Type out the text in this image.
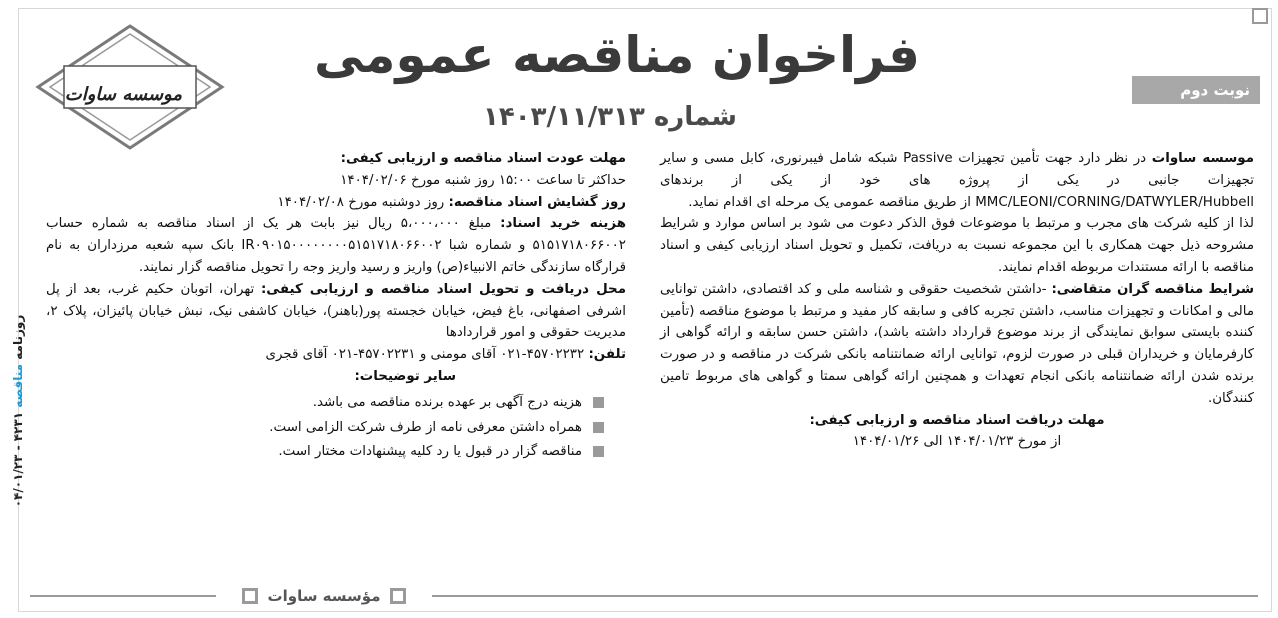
موسسه ساوات
فراخوان مناقصه عمومی
شماره ۱۴۰۳/۱۱/۳۱۳
نوبت دوم
روزنامه مناقصه ۴۲۳۱ - ۰۴/۰۱/۲۳

موسسه ساوات در نظر دارد جهت تأمین تجهیزات Passive شبکه شامل فیبرنوری، کابل مسی و سایر تجهیزات جانبی در یکی از پروژه های خود از یکی از برندهای MMC/LEONI/CORNING/DATWYLER/Hubbell از طریق مناقصه عمومی یک مرحله ای اقدام نماید.

لذا از کلیه شرکت های مجرب و مرتبط با موضوعات فوق الذکر دعوت می شود بر اساس موارد و شرایط مشروحه ذیل جهت همکاری با این مجموعه نسبت به دریافت، تکمیل و تحویل اسناد ارزیابی کیفی و اسناد مناقصه با ارائه مستندات مربوطه اقدام نمایند.

شرایط مناقصه گران متقاضی: -داشتن شخصیت حقوقی و شناسه ملی و کد اقتصادی، داشتن توانایی مالی و امکانات و تجهیزات مناسب، داشتن تجربه کافی و سابقه کار مفید و مرتبط با موضوع مناقصه (تأمین کننده بایستی سوابق نمایندگی از برند موضوع قرارداد داشته باشد)، داشتن حسن سابقه و ارائه گواهی از کارفرمایان و خریداران قبلی در صورت لزوم، توانایی ارائه ضمانتنامه بانکی شرکت در مناقصه و در صورت برنده شدن ارائه ضمانتنامه بانکی انجام تعهدات و همچنین ارائه گواهی سمتا و گواهی های مربوط تامین کنندگان.

مهلت دریافت اسناد مناقصه و ارزیابی کیفی:

از مورخ ۱۴۰۴/۰۱/۲۳ الی ۱۴۰۴/۰۱/۲۶

مهلت عودت اسناد مناقصه و ارزیابی کیفی:

حداکثر تا ساعت ۱۵:۰۰ روز شنبه مورخ ۱۴۰۴/۰۲/۰۶

روز گشایش اسناد مناقصه: روز دوشنبه مورخ ۱۴۰۴/۰۲/۰۸

هزینه خرید اسناد: مبلغ ۵،۰۰۰،۰۰۰ ریال نیز بابت هر یک از اسناد مناقصه به شماره حساب ۵۱۵۱۷۱۸۰۶۶۰۰۲ و شماره شبا IR۰۹۰۱۵۰۰۰۰۰۰۰۰۵۱۵۱۷۱۸۰۶۶۰۰۲ بانک سپه شعبه مرزداران به نام قرارگاه سازندگی خاتم الانبیاء(ص) واریز و رسید واریز وجه را تحویل مناقصه گزار نمایند.

محل دریافت و تحویل اسناد مناقصه و ارزیابی کیفی: تهران، اتوبان حکیم غرب، بعد از پل اشرفی اصفهانی، باغ فیض، خیابان خجسته پور(باهنر)، خیابان کاشفی نیک، نبش خیابان پائیزان، پلاک ۲، مدیریت حقوقی و امور قراردادها

تلفن: ۴۵۷۰۲۲۳۲-۰۲۱ آقای مومنی و ۴۵۷۰۲۲۳۱-۰۲۱ آقای قجری

سایر توضیحات:

هزینه درج آگهی بر عهده برنده مناقصه می باشد.
همراه داشتن معرفی نامه از طرف شرکت الزامی است.
مناقصه گزار در قبول یا رد کلیه پیشنهادات مختار است.
مؤسسه ساوات
